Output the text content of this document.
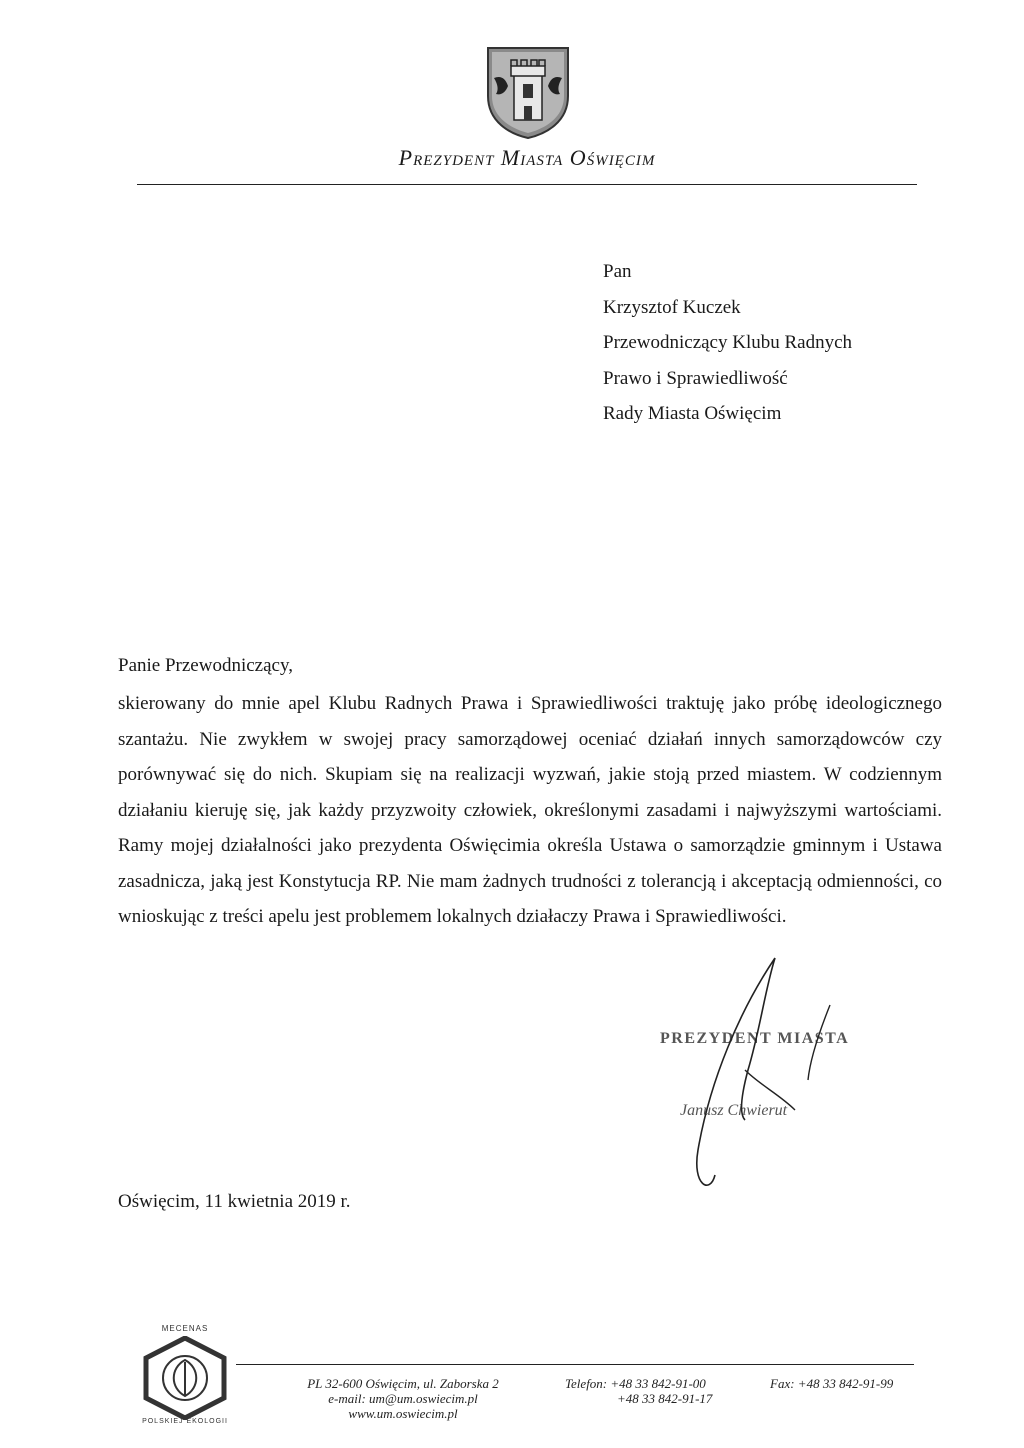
Prezydent Miasta Oświęcim
Pan
Krzysztof Kuczek
Przewodniczący Klubu Radnych
Prawo i Sprawiedliwość
Rady Miasta Oświęcim
Panie Przewodniczący,
skierowany do mnie apel Klubu Radnych Prawa i Sprawiedliwości traktuję jako próbę ideologicznego szantażu. Nie zwykłem w swojej pracy samorządowej oceniać działań innych samorządowców czy porównywać się do nich. Skupiam się na realizacji wyzwań, jakie stoją przed miastem. W codziennym działaniu kieruję się, jak każdy przyzwoity człowiek, określonymi zasadami i najwyższymi wartościami. Ramy mojej działalności jako prezydenta Oświęcimia określa Ustawa o samorządzie gminnym i Ustawa zasadnicza, jaką jest Konstytucja RP. Nie mam żadnych trudności z tolerancją i akceptacją odmienności, co wnioskując z treści apelu jest problemem lokalnych działaczy Prawa i Sprawiedliwości.
PREZYDENT MIASTA
Janusz Chwierut
Oświęcim, 11 kwietnia 2019 r.
MECENAS
POLSKIEJ EKOLOGII
PL 32-600 Oświęcim, ul. Zaborska 2
e-mail: um@um.oswiecim.pl
www.um.oswiecim.pl
Telefon: +48 33 842-91-00
+48 33 842-91-17
Fax: +48 33 842-91-99
